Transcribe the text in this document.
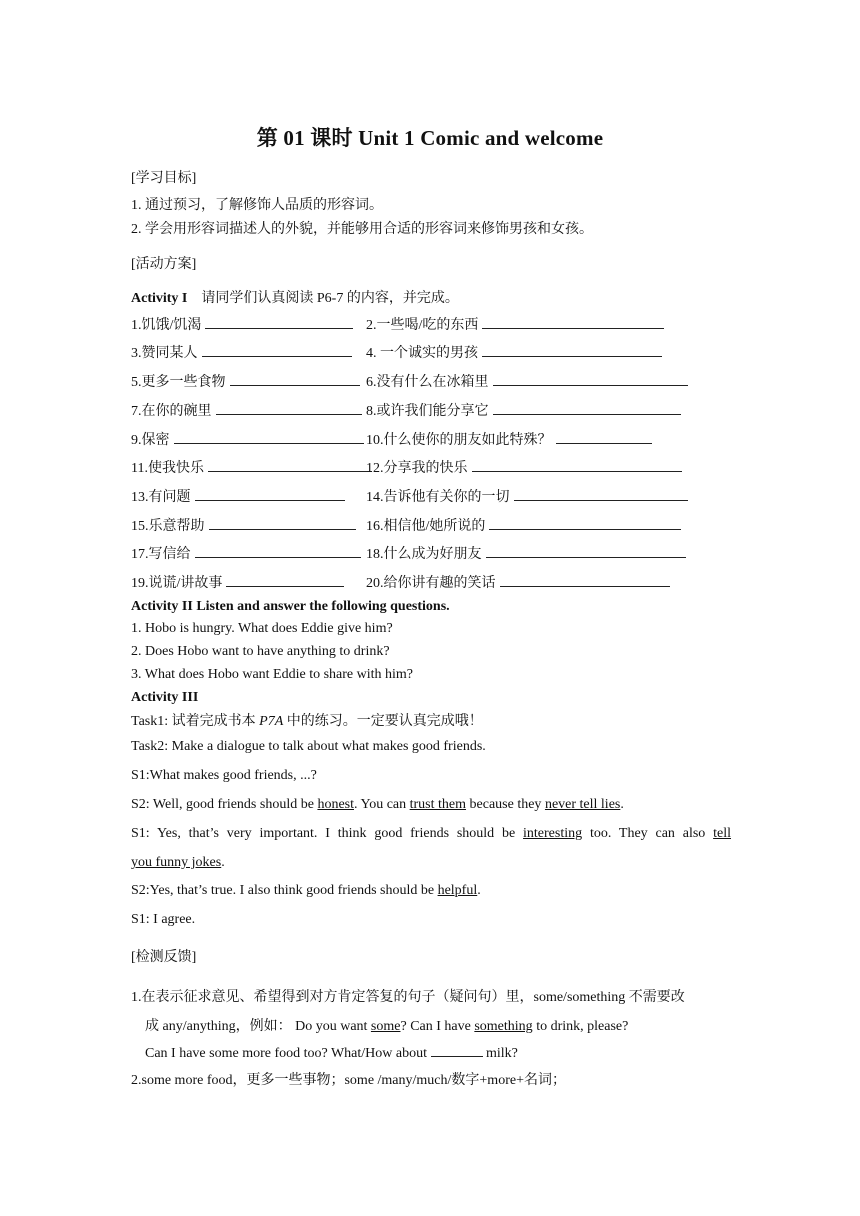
第 01 课时 Unit 1 Comic and welcome
[学习目标]
1. 通过预习，了解修饰人品质的形容词。
2. 学会用形容词描述人的外貌，并能够用合适的形容词来修饰男孩和女孩。
[活动方案]
Activity I 请同学们认真阅读 P6-7 的内容，并完成。
1.饥饿/饥渴	2.一些喝/吃的东西
3.赞同某人	4. 一个诚实的男孩
5.更多一些食物	6.没有什么在冰箱里
7.在你的碗里	8.或许我们能分享它
9.保密	10.什么使你的朋友如此特殊？
11.使我快乐	12.分享我的快乐
13.有问题	14.告诉他有关你的一切
15.乐意帮助	16.相信他/她所说的
17.写信给	18.什么成为好朋友
19.说谎/讲故事	20.给你讲有趣的笑话
Activity II Listen and answer the following questions.
1. Hobo is hungry. What does Eddie give him?
2. Does Hobo want to have anything to drink?
3. What does Hobo want Eddie to share with him?
Activity III
Task1: 试着完成书本 P7A 中的练习。一定要认真完成哦！
Task2: Make a dialogue to talk about what makes good friends.
S1:What makes good friends, ...?
S2: Well, good friends should be honest. You can trust them because they never tell lies.
S1: Yes, that’s very important. I think good friends should be interesting too. They can also tell
you funny jokes.
S2:Yes, that’s true. I also think good friends should be helpful.
S1: I agree.
[检测反馈]
1.在表示征求意见、希望得到对方肯定答复的句子（疑问句）里，some/something 不需要改
成 any/anything，例如： Do you want some? Can I have something to drink, please?
Can I have some more food too? What/How about	milk?
2.some more food，更多一些事物；some /many/much/数字+more+名词；
